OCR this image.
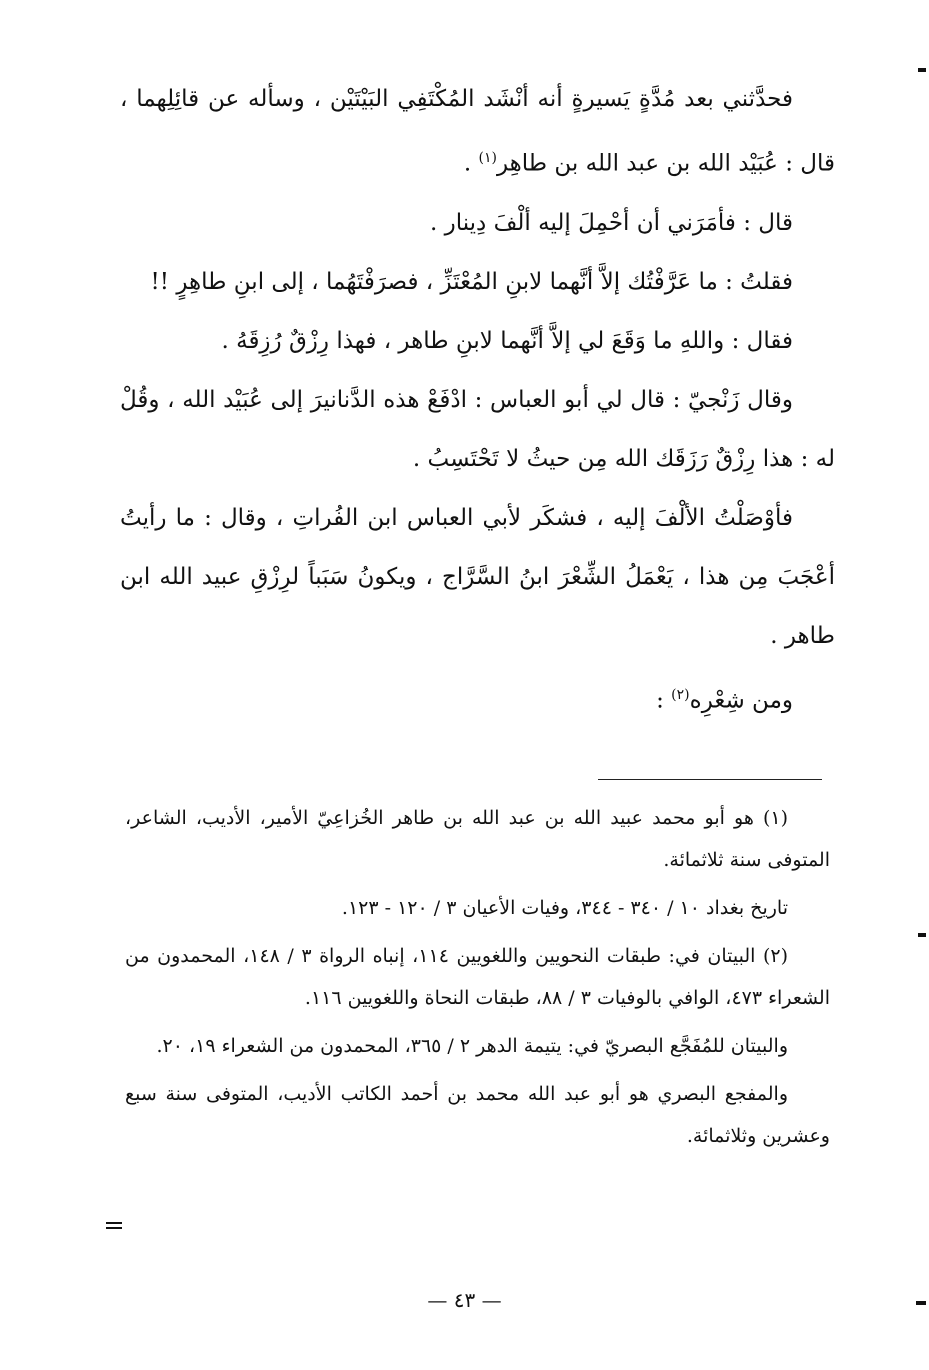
فحدَّثني بعد مُدَّةٍ يَسيرةٍ أنه أنْشَد المُكْتَفِي البَيْتَيْن ، وسأله عن قائِلِهما ، قال : عُبَيْد الله بن عبد الله بن طاهِر$^{(١)}$ .

قال : فأمَرَني أن أحْمِلَ إليه ألْفَ دِينار .

فقلتُ : ما عَرَّفْتُك إلاَّ أنَّهما لابنِ المُعْتَزِّ ، فصرَفْتَهُما ، إلى ابنِ طاهِرٍ !!

فقال : واللهِ ما وَقَعَ لي إلاَّ أنَّهما لابنِ طاهر ، فهذا رِزْقٌ رُزِقَهُ .

وقال زَنْجيّ : قال لي أبو العباس : ادْفَعْ هذه الدَّنانيرَ إلى عُبَيْد الله ، وقُلْ له : هذا رِزْقٌ رَزَقَك الله مِن حيثُ لا تَحْتَسِبُ .

فأوْصَلْتُ الألْفَ إليه ، فشكَر لأبي العباس ابن الفُراتِ ، وقال : ما رأيتُ أعْجَبَ مِن هذا ، يَعْمَلُ الشِّعْرَ ابنُ السَّرَّاج ، ويكونُ سَبَباً لرِزْقِ عبيد الله ابن طاهر .

ومن شِعْرِه$^{(٢)}$ :

(١) هو أبو محمد عبيد الله بن عبد الله بن طاهر الخُزاعِيّ الأمير، الأديب، الشاعر، المتوفى سنة ثلاثمائة.

تاريخ بغداد ١٠ / ٣٤٠ - ٣٤٤، وفيات الأعيان ٣ / ١٢٠ - ١٢٣.

(٢) البيتان في: طبقات النحويين واللغويين ١١٤، إنباه الرواة ٣ / ١٤٨، المحمدون من الشعراء ٤٧٣، الوافي بالوفيات ٣ / ٨٨، طبقات النحاة واللغويين ١١٦.

والبيتان للمُفَجَّع البصريّ في: يتيمة الدهر ٢ / ٣٦٥، المحمدون من الشعراء ١٩، ٢٠.

والمفجع البصري هو أبو عبد الله محمد بن أحمد الكاتب الأديب، المتوفى سنة سبع وعشرين وثلاثمائة.

— ٤٣ —
